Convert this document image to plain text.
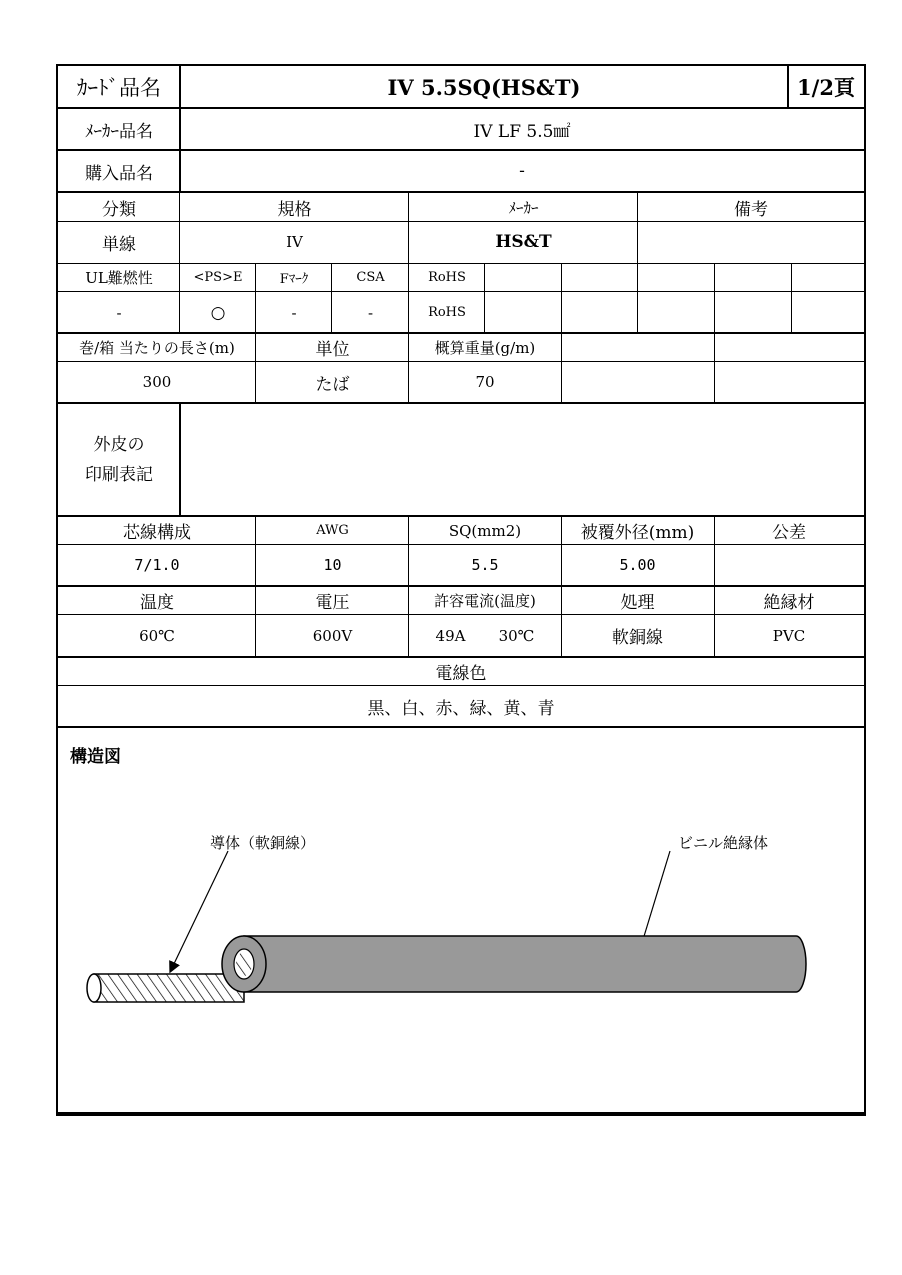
ｶｰﾄﾞ品名	IV 5.5SQ(HS&T)	1/2頁
ﾒｰｶｰ品名	IV LF 5.5㎟
購入品名	-
分類	規格	ﾒｰｶｰ	備考
単線	IV	HS&T
UL難燃性	<PS>E	Fﾏｰｸ	CSA	RoHS
-	○	-	-	RoHS
巻/箱 当たりの長さ(m)	単位	概算重量(g/m)
300	たば	70
外皮の
印刷表記
芯線構成	AWG	SQ(mm2)	被覆外径(mm)	公差
7/1.0	10	5.5	5.00
温度	電圧	許容電流(温度)	処理	絶縁材
60℃	600V	49A 30℃	軟銅線	PVC
電線色
黒、白、赤、緑、黄、青
構造図
導体（軟銅線）	ビニル絶縁体
